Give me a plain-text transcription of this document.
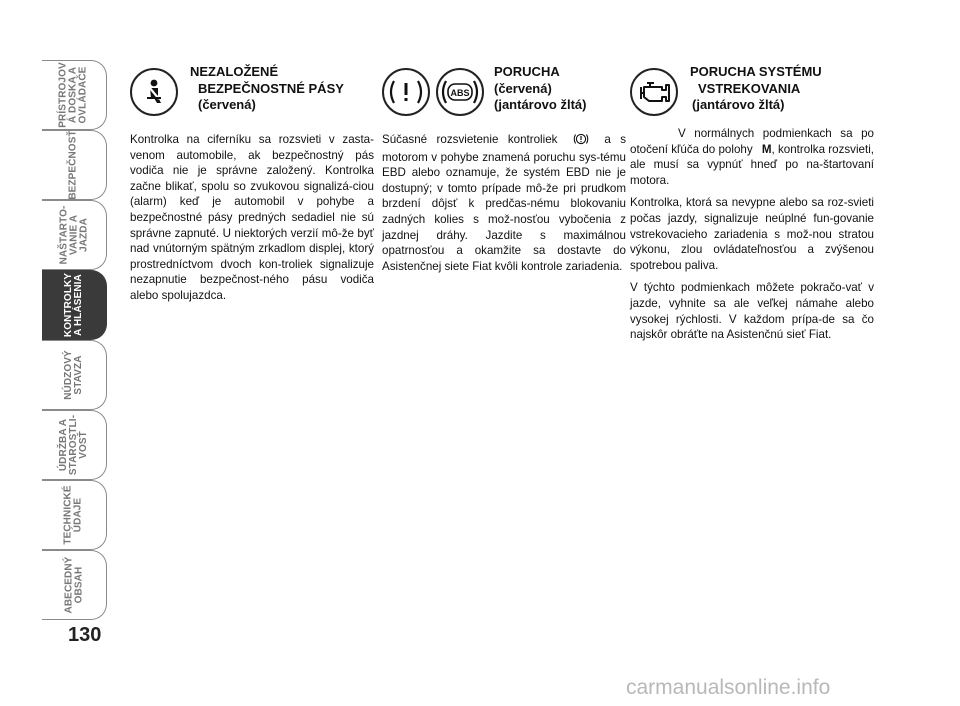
PRÍSTROJOV
Á DOSKA A
OVLÁDAČE
BEZPEČNOSŤ
NAŠTARTO-
VANIE A
JAZDA
KONTROLKY
A HLÁSENIA
NÚDZOVÝ
STAVZA
ÚDRŽBA A
STAROSTLI-
VOSŤ
TECHNICKÉ
ÚDAJE
ABECEDNÝ
OBSAH
130
NEZALOŽENÉ
BEZPEČNOSTNÉ PÁSY
(červená)

Kontrolka na ciferníku sa rozsvieti v zasta-venom automobile, ak bezpečnostný pás vodiča nie je správne založený. Kontrolka začne blikať, spolu so zvukovou signalizá-ciou (alarm) keď je automobil v pohybe a bezpečnostné pásy predných sedadiel nie sú správne zapnuté. U niektorých verzií mô-že byť nad vnútorným spätným zrkadlom displej, ktorý prostredníctvom dvoch kon-troliek signalizuje nezapnutie bezpečnost-ného pásu vodiča alebo spolujazdca.

ABS
PORUCHA
(červená)
(jantárovo žltá)

Súčasné rozsvietenie kontroliek	a s motorom v pohybe znamená poruchu sys-tému EBD alebo oznamuje, že systém EBD nie je dostupný; v tomto prípade mô-že pri prudkom brzdení dôjsť k predčas-nému blokovaniu zadných kolies s mož-nosťou vybočenia z jazdnej dráhy. Jazdite s maximálnou opatrnosťou a okamžite sa dostavte do Asistenčnej siete Fiat kvôli kontrole zariadenia.

PORUCHA SYSTÉMU
VSTREKOVANIA
(jantárovo žltá)

V normálnych podmienkach sa po otočení kľúča do polohy M, kontrolka rozsvieti, ale musí sa vypnúť hneď po na-štartovaní motora.

Kontrolka, ktorá sa nevypne alebo sa roz-svieti počas jazdy, signalizuje neúplné fun-govanie vstrekovacieho zariadenia s mož-nou stratou výkonu, zlou ovládateľnosťou a zvýšenou spotrebou paliva.

V týchto podmienkach môžete pokračo-vať v jazde, vyhnite sa ale veľkej námahe alebo vysokej rýchlosti. V každom prípa-de sa čo najskôr obráťte na Asistenčnú sieť Fiat.

carmanualsonline.info
